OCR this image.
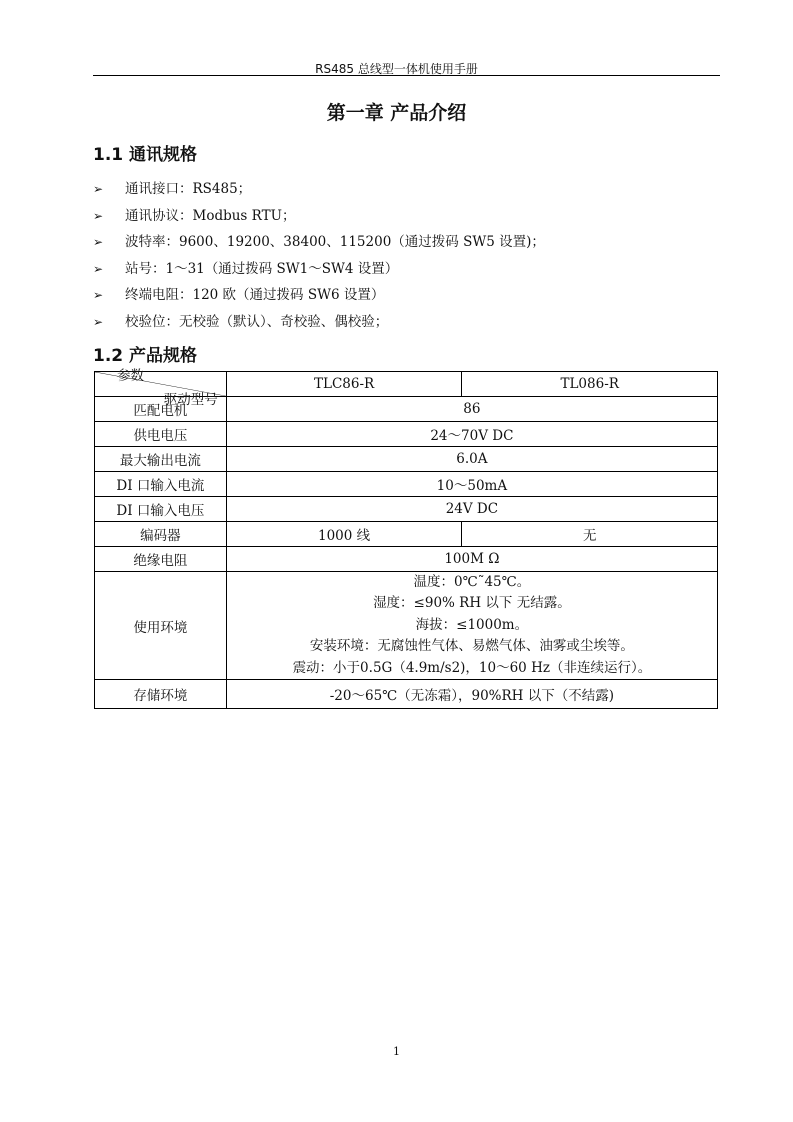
RS485 总线型一体机使用手册
第一章 产品介绍
1.1 通讯规格
➢ 通讯接口：RS485；
➢ 通讯协议：Modbus RTU；
➢ 波特率：9600、19200、38400、115200（通过拨码 SW5 设置)；
➢ 站号：1～31（通过拨码 SW1～SW4 设置）
➢ 终端电阻：120 欧（通过拨码 SW6 设置）
➢ 校验位：无校验（默认）、奇校验、偶校验；
1.2 产品规格
驱动型号
参数	TLC86-R	TL086-R
匹配电机	86	
供电电压	24～70V DC	
最大输出电流	6.0A	
DI 口输入电流	10～50mA	
DI 口输入电压	24V DC	
编码器	1000 线	无
绝缘电阻	100M Ω	
使用环境	温度：0℃˜45℃。
湿度：≤90% RH 以下 无结露。
海拔：≤1000m。
安装环境：无腐蚀性气体、易燃气体、油雾或尘埃等。
震动：小于0.5G（4.9m/s2)，10～60 Hz（非连续运行）。	

存储环境	-20～65℃（无冻霜），90%RH 以下（不结露)	
1
